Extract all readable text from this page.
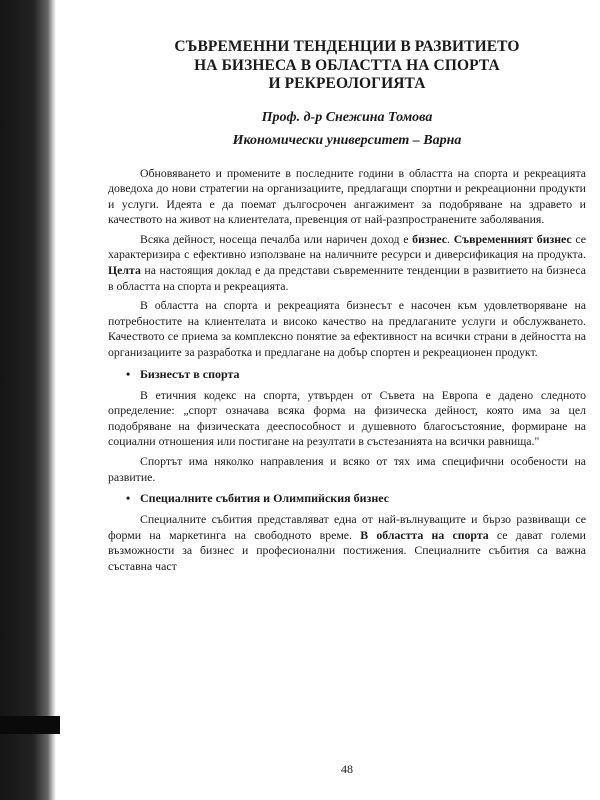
СЪВРЕМЕННИ ТЕНДЕНЦИИ В РАЗВИТИЕТО
НА БИЗНЕСА В ОБЛАСТТА НА СПОРТА
И РЕКРЕОЛОГИЯТА
Проф. д-р Снежина Томова
Икономически университет – Варна

Обновяването и промените в последните години в областта на спорта и рекреацията доведоха до нови стратегии на организациите, предлагащи спортни и рекреационни продукти и услуги. Идеята е да поемат дългосрочен ангажимент за подобряване на здравето и качеството на живот на клиентелата, превенция от най-разпространените заболявания.

Всяка дейност, носеща печалба или наричен доход е бизнес. Съвременният бизнес се характеризира с ефективно използване на наличните ресурси и диверсификация на продукта. Целта на настоящия доклад е да представи съвременните тенденции в развитието на бизнеса в областта на спорта и рекреацията.

В областта на спорта и рекреацията бизнесът е насочен към удовлетворяване на потребностите на клиентелата и високо качество на предлаганите услуги и обслужването. Качеството се приема за комплексно понятие за ефективност на всички страни в дейността на организациите за разработка и предлагане на добър спортен и рекреационен продукт.

• Бизнесът в спорта

В етичния кодекс на спорта, утвърден от Съвета на Европа е дадено следното определение: „спорт означава всяка форма на физическа дейност, която има за цел подобряване на физическата дееспособност и душевното благосъстояние, формиране на социални отношения или постигане на резултати в състезанията на всички равнища."

Спортът има няколко направления и всяко от тях има специфични особености на развитие.

• Специалните събития и Олимпийския бизнес

Специалните събития представляват една от най-вълнуващите и бързо развиващи се форми на маркетинга на свободното време. В областта на спорта се дават големи възможности за бизнес и професионални постижения. Специалните събития са важна съставна част

48
